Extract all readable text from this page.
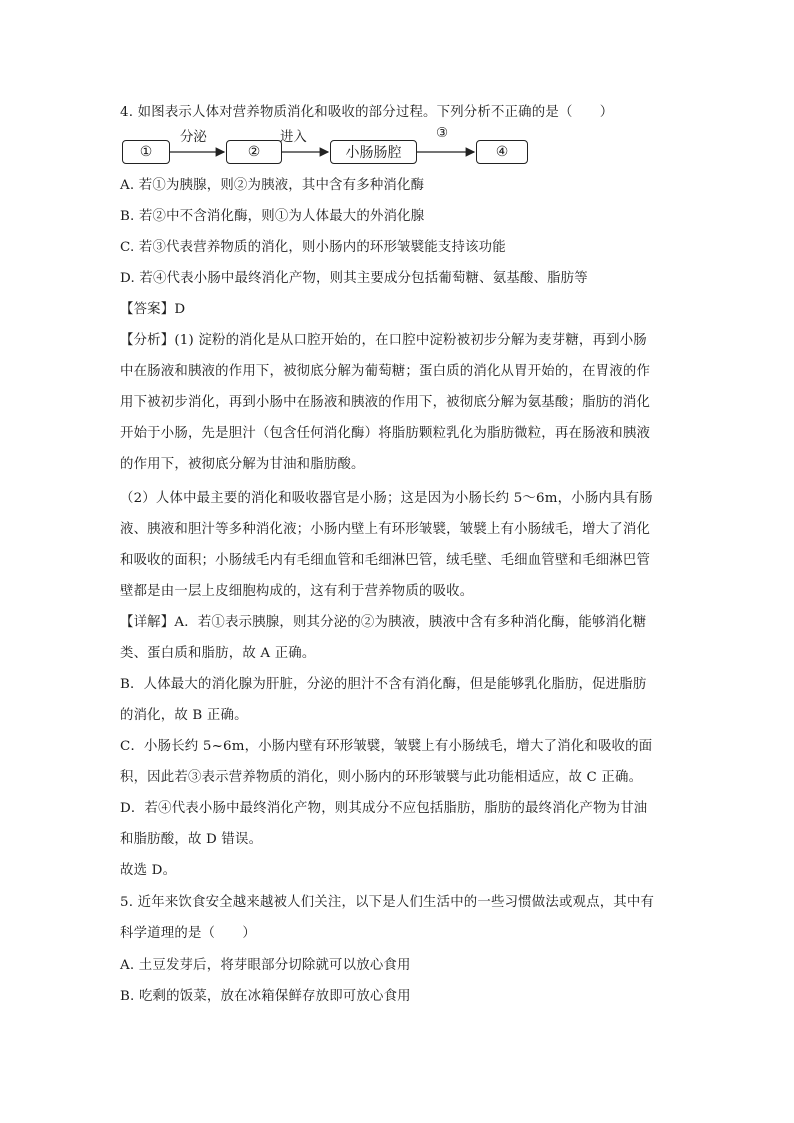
4. 如图表示人体对营养物质消化和吸收的部分过程。下列分析不正确的是（　　）
①	②	小肠肠腔	④
分泌	进入	③
A. 若①为胰腺，则②为胰液，其中含有多种消化酶
B. 若②中不含消化酶，则①为人体最大的外消化腺
C. 若③代表营养物质的消化，则小肠内的环形皱襞能支持该功能
D. 若④代表小肠中最终消化产物，则其主要成分包括葡萄糖、氨基酸、脂肪等
【答案】D
【分析】(1) 淀粉的消化是从口腔开始的，在口腔中淀粉被初步分解为麦芽糖，再到小肠
中在肠液和胰液的作用下，被彻底分解为葡萄糖；蛋白质的消化从胃开始的，在胃液的作
用下被初步消化，再到小肠中在肠液和胰液的作用下，被彻底分解为氨基酸；脂肪的消化
开始于小肠，先是胆汁（包含任何消化酶）将脂肪颗粒乳化为脂肪微粒，再在肠液和胰液
的作用下，被彻底分解为甘油和脂肪酸。
（2）人体中最主要的消化和吸收器官是小肠；这是因为小肠长约 5～6m，小肠内具有肠
液、胰液和胆汁等多种消化液；小肠内壁上有环形皱襞，皱襞上有小肠绒毛，增大了消化
和吸收的面积；小肠绒毛内有毛细血管和毛细淋巴管，绒毛壁、毛细血管壁和毛细淋巴管
壁都是由一层上皮细胞构成的，这有利于营养物质的吸收。
【详解】A．若①表示胰腺，则其分泌的②为胰液，胰液中含有多种消化酶，能够消化糖
类、蛋白质和脂肪，故 A 正确。
B．人体最大的消化腺为肝脏，分泌的胆汁不含有消化酶，但是能够乳化脂肪，促进脂肪
的消化，故 B 正确。
C．小肠长约 5~6m，小肠内壁有环形皱襞，皱襞上有小肠绒毛，增大了消化和吸收的面
积，因此若③表示营养物质的消化，则小肠内的环形皱襞与此功能相适应，故 C 正确。
D．若④代表小肠中最终消化产物，则其成分不应包括脂肪，脂肪的最终消化产物为甘油
和脂肪酸，故 D 错误。
故选 D。
5. 近年来饮食安全越来越被人们关注，以下是人们生活中的一些习惯做法或观点，其中有
科学道理的是（　　）
A. 土豆发芽后，将芽眼部分切除就可以放心食用
B. 吃剩的饭菜，放在冰箱保鲜存放即可放心食用
